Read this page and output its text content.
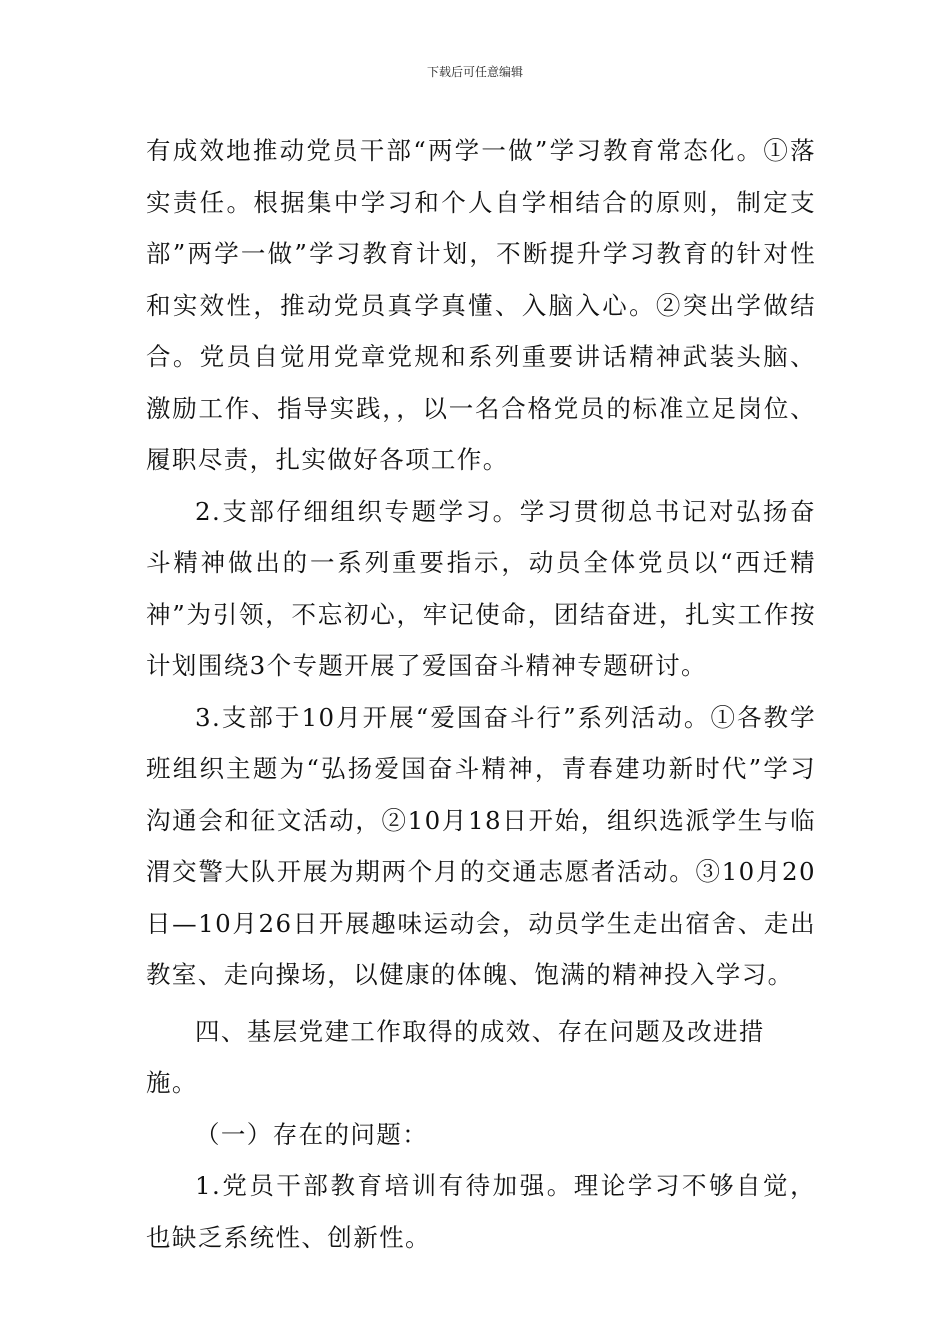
下载后可任意编辑

有成效地推动党员干部“两学一做”学习教育常态化。①落实责任。根据集中学习和个人自学相结合的原则，制定支部”两学一做”学习教育计划，不断提升学习教育的针对性和实效性，推动党员真学真懂、入脑入心。②突出学做结合。党员自觉用党章党规和系列重要讲话精神武装头脑、激励工作、指导实践，，以一名合格党员的标准立足岗位、履职尽责，扎实做好各项工作。

2.支部仔细组织专题学习。学习贯彻总书记对弘扬奋斗精神做出的一系列重要指示，动员全体党员以“西迁精神”为引领，不忘初心，牢记使命，团结奋进，扎实工作按计划围绕3个专题开展了爱国奋斗精神专题研讨。

3.支部于10月开展“爱国奋斗行”系列活动。①各教学班组织主题为“弘扬爱国奋斗精神，青春建功新时代”学习沟通会和征文活动，②10月18日开始，组织选派学生与临渭交警大队开展为期两个月的交通志愿者活动。③10月20日—10月26日开展趣味运动会，动员学生走出宿舍、走出教室、走向操场，以健康的体魄、饱满的精神投入学习。

四、基层党建工作取得的成效、存在问题及改进措施。

（一）存在的问题：

1.党员干部教育培训有待加强。理论学习不够自觉，也缺乏系统性、创新性。
